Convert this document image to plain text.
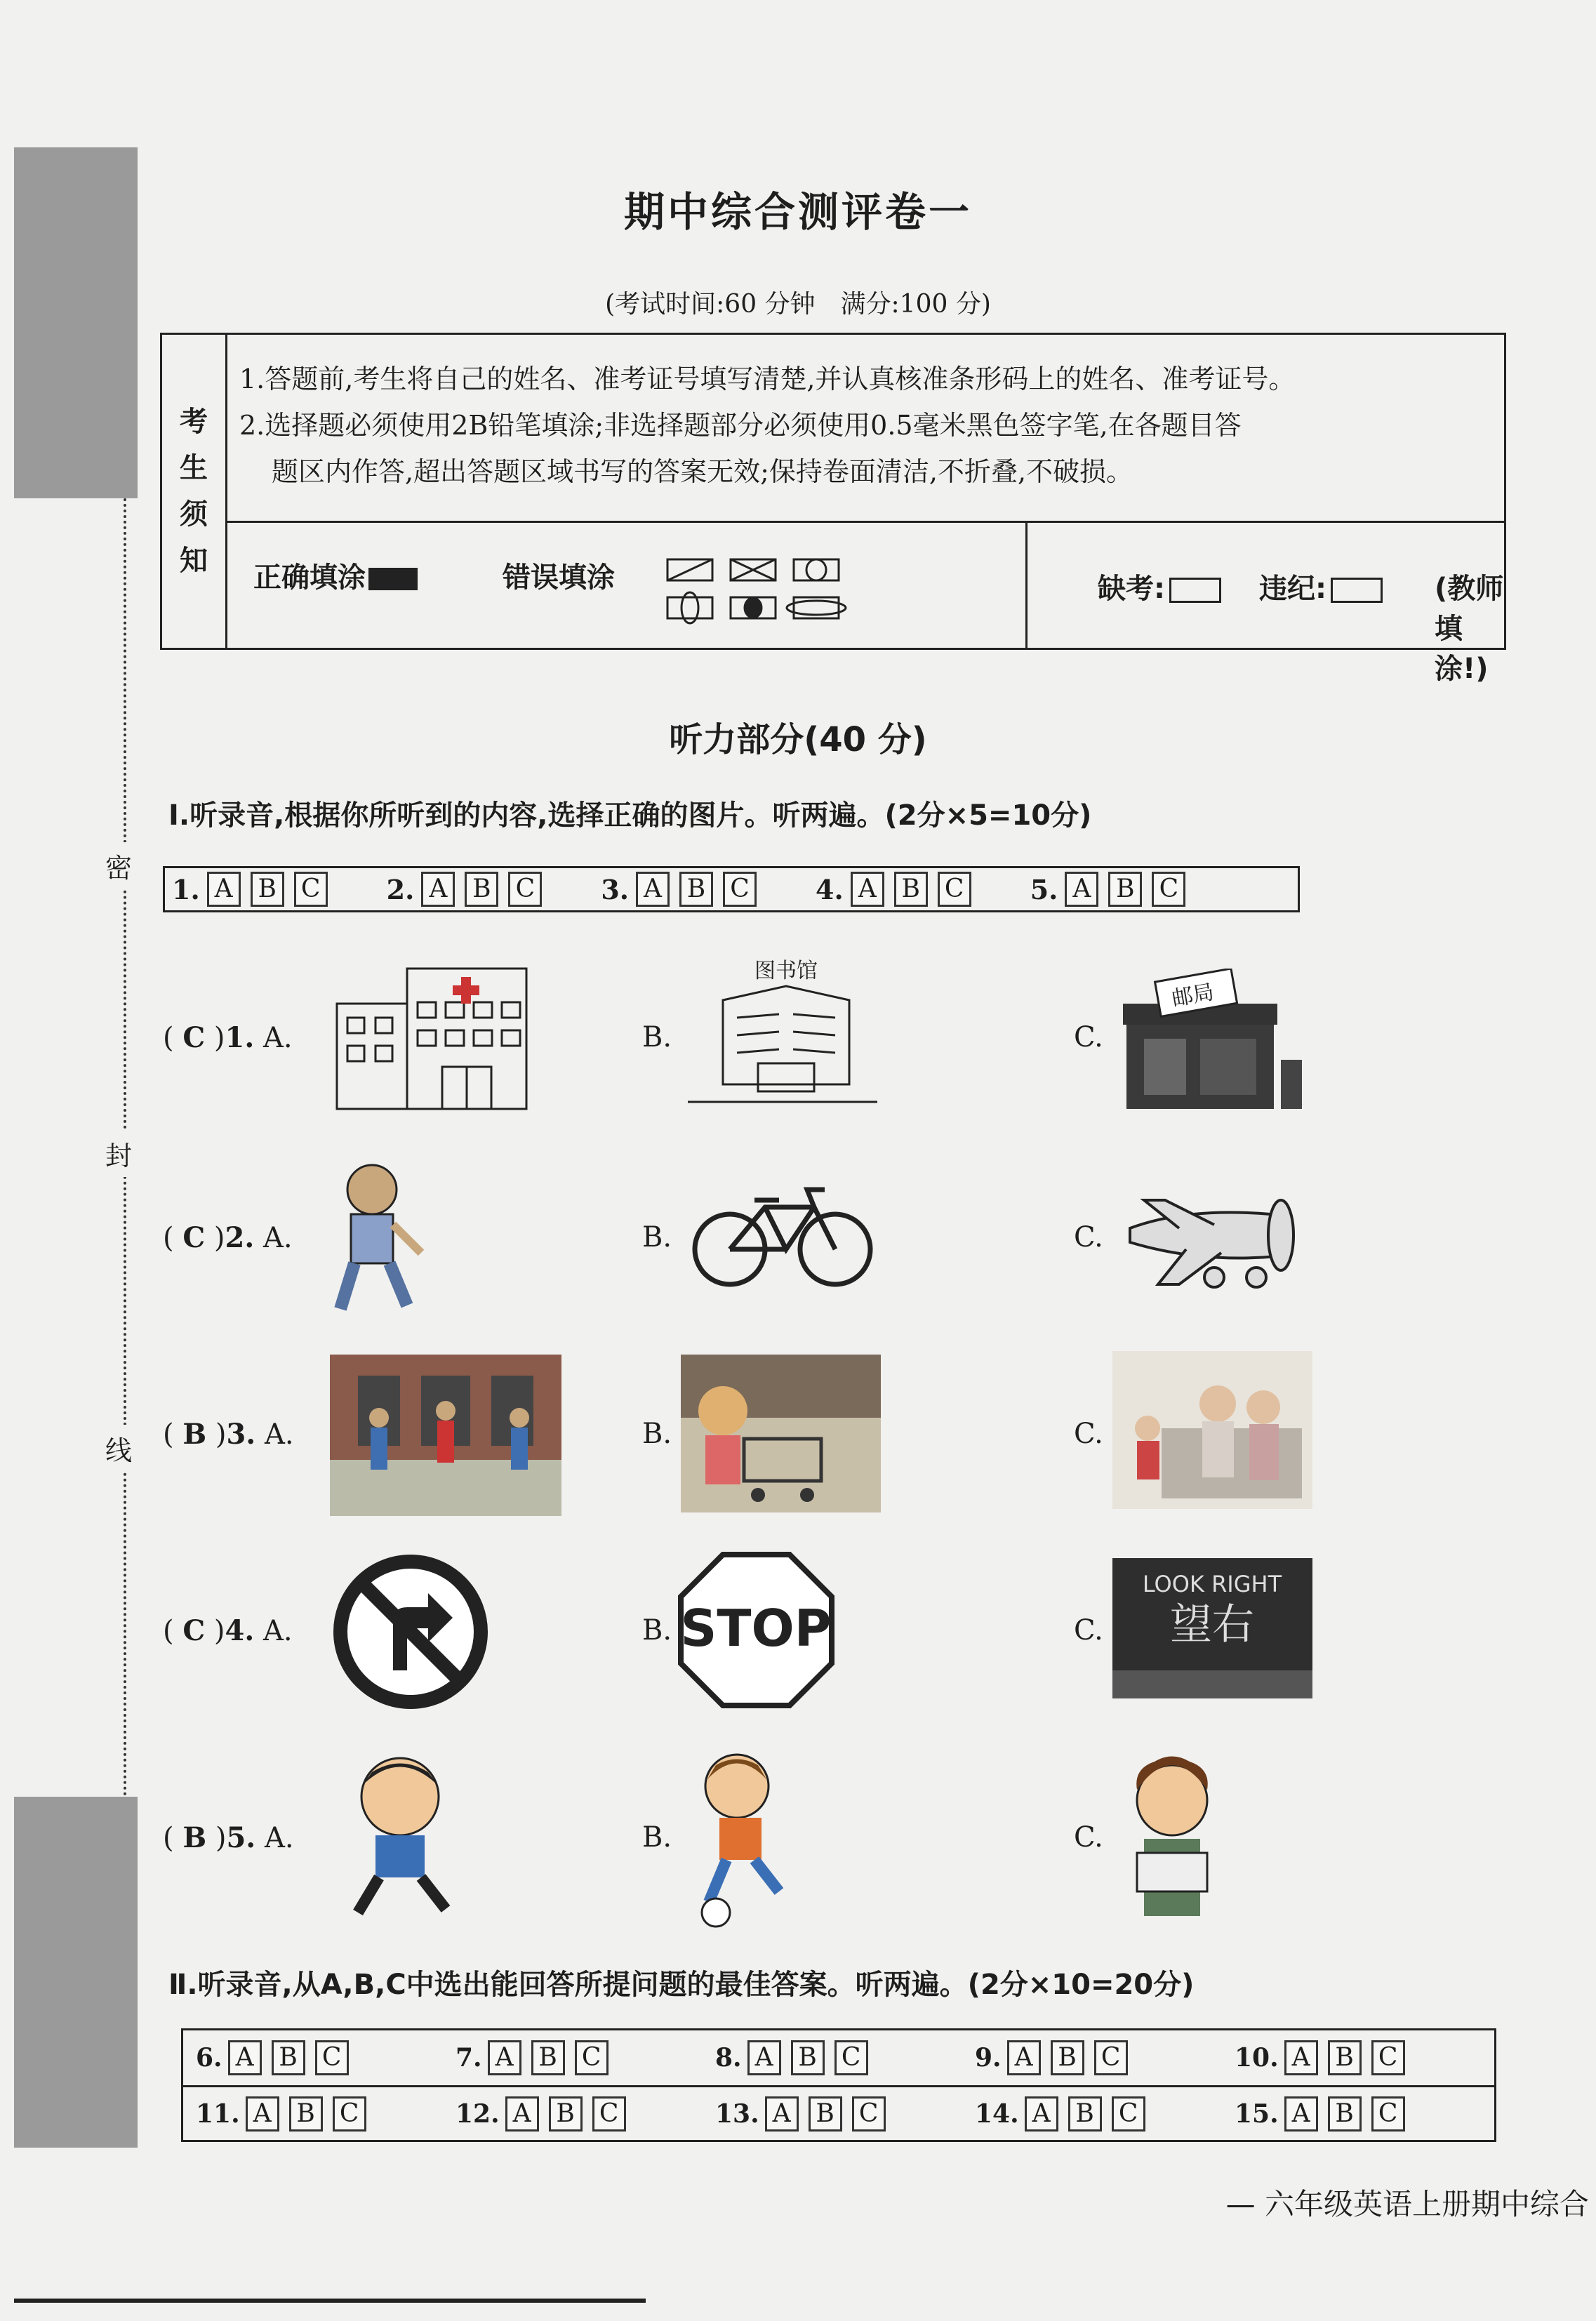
密
封
线
期中综合测评卷一
(考试时间:60 分钟　满分:100 分)
考
生
须
知

1.答题前,考生将自己的姓名、准考证号填写清楚,并认真核准条形码上的姓名、准考证号。

2.选择题必须使用2B铅笔填涂;非选择题部分必须使用0.5毫米黑色签字笔,在各题目答

题区内作答,超出答题区域书写的答案无效;保持卷面清洁,不折叠,不破损。

正确填涂	错误填涂	缺考:	违纪:	(教师填涂!)
听力部分(40 分)
Ⅰ.听录音,根据你所听到的内容,选择正确的图片。听两遍。(2分×5=10分)
1. A B C 2. A B C 3. A B C 4. A B C 5. A B C
( C )1. A.	B.
图书馆
C.
邮局
( C )2. A.	B.	C.
( B )3. A.	B.	C.
( C )4. A.	B. STOP	C.
LOOK RIGHT
望右
( B )5. A.	B.	C.
Ⅱ.听录音,从A,B,C中选出能回答所提问题的最佳答案。听两遍。(2分×10=20分)
6. A B C	7. A B C	8. A B C	9. A B C	10. A B C
11. A B C	12. A B C	13. A B C	14. A B C	15. A B C
— 六年级英语上册期中综合
